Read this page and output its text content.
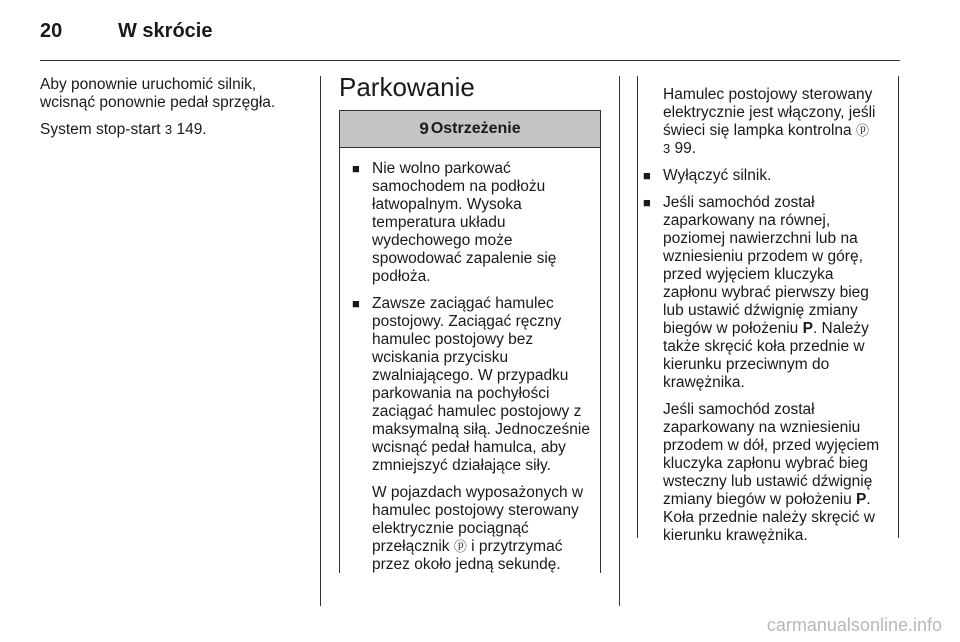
20	W skrócie

Aby ponownie uruchomić silnik, wcisnąć ponownie pedał sprzęgła.

System stop-start 3 149.

Parkowanie
9 Ostrzeżenie
■ Nie wolno parkować samochodem na podłożu łatwopalnym. Wysoka temperatura układu wydechowego może spowodować zapalenie się podłoża.
■ Zawsze zaciągać hamulec postojowy. Zaciągać ręczny hamulec postojowy bez wciskania przycisku zwalniającego. W przypadku parkowania na pochyłości zaciągać hamulec postojowy z maksymalną siłą. Jednocześnie wcisnąć pedał hamulca, aby zmniejszyć działające siły.

W pojazdach wyposażonych w hamulec postojowy sterowany elektrycznie pociągnąć przełącznik ⓟ i przytrzymać przez około jedną sekundę.

Hamulec postojowy sterowany elektrycznie jest włączony, jeśli świeci się lampka kontrolna ⓟ
3 99.

■ Wyłączyć silnik.
■ Jeśli samochód został zaparkowany na równej, poziomej nawierzchni lub na wzniesieniu przodem w górę, przed wyjęciem kluczyka zapłonu wybrać pierwszy bieg lub ustawić dźwignię zmiany biegów w położeniu P. Należy także skręcić koła przednie w kierunku przeciwnym do krawężnika.

Jeśli samochód został zaparkowany na wzniesieniu przodem w dół, przed wyjęciem kluczyka zapłonu wybrać bieg wsteczny lub ustawić dźwignię zmiany biegów w położeniu P. Koła przednie należy skręcić w kierunku krawężnika.

carmanualsonline.info
